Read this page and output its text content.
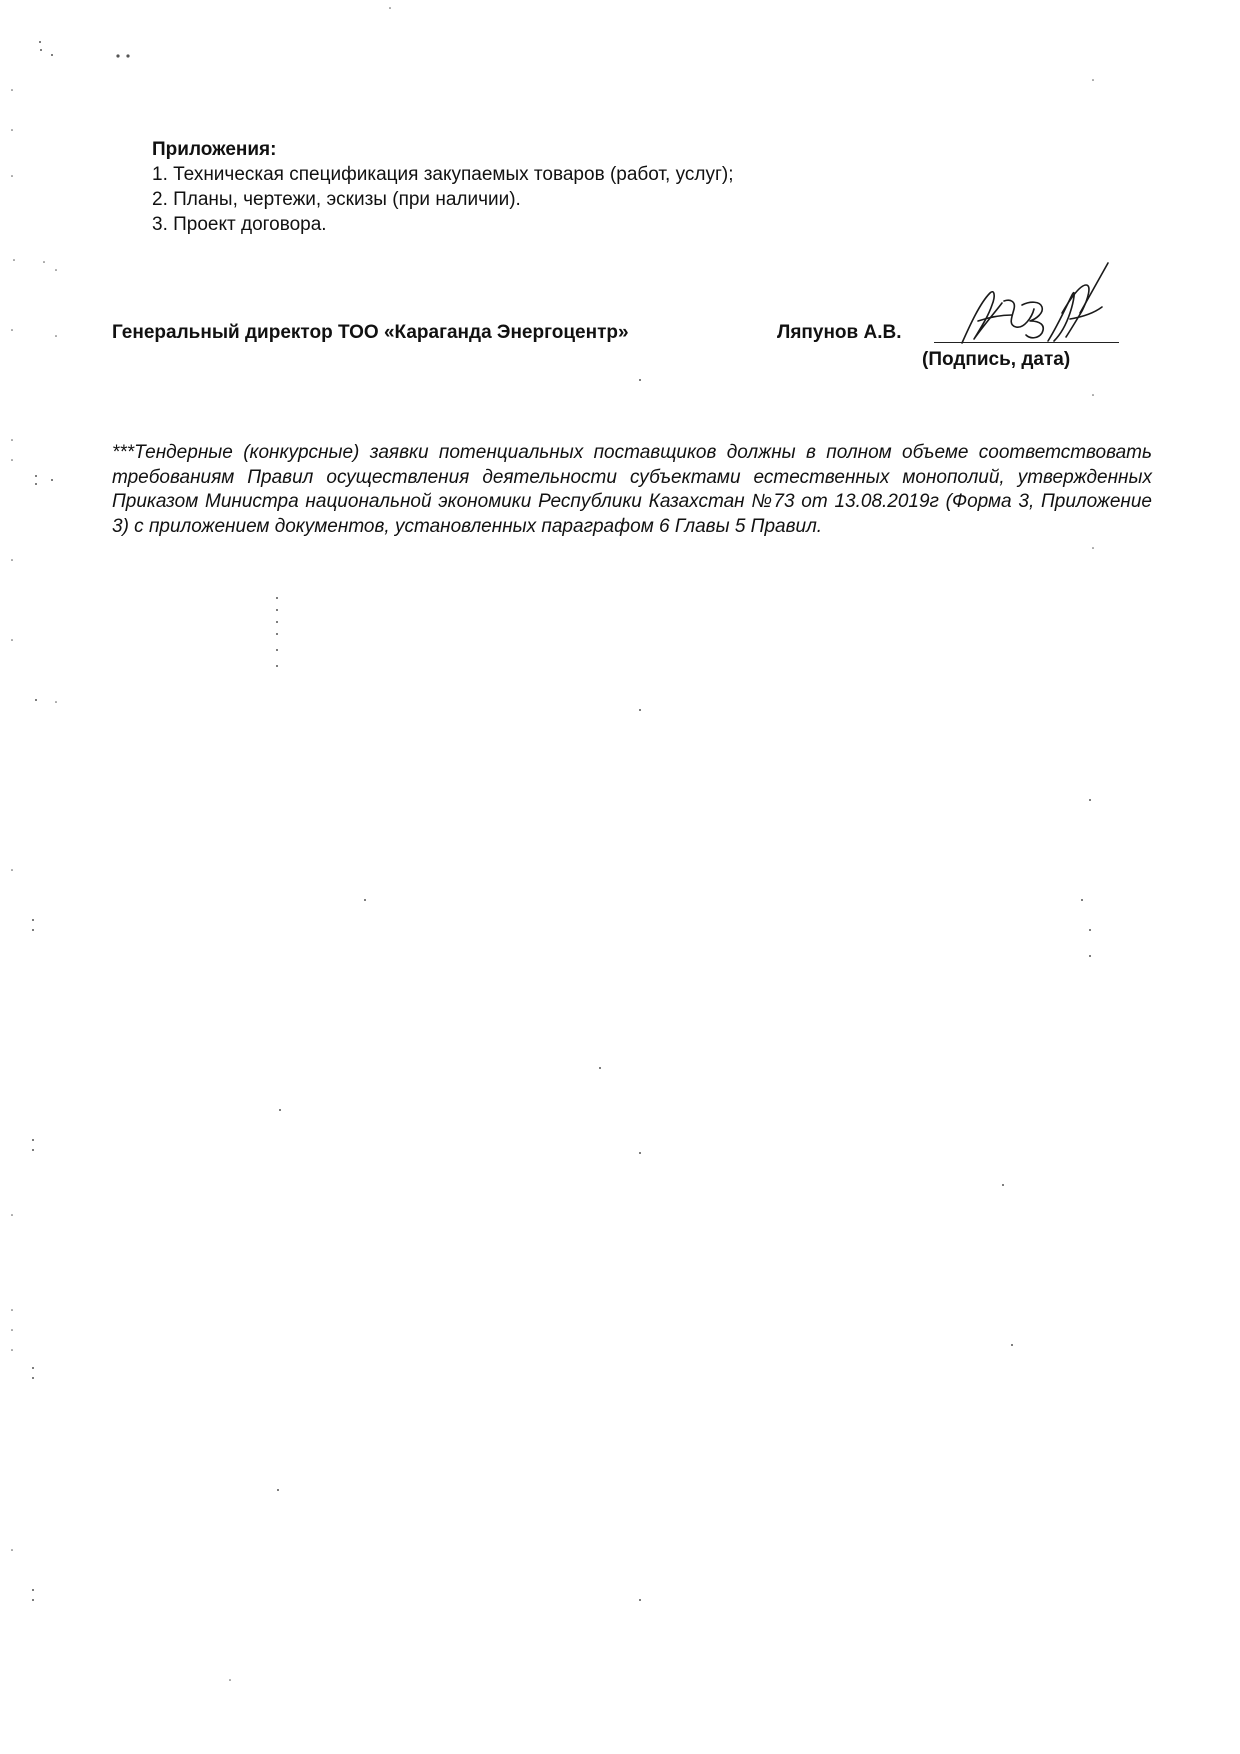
Приложения:
1. Техническая спецификация закупаемых товаров (работ, услуг);
2. Планы, чертежи, эскизы (при наличии).
3. Проект договора.
Генеральный директор ТОО «Караганда Энергоцентр»	Ляпунов А.В.
(Подпись, дата)

***Тендерные (конкурсные) заявки потенциальных поставщиков должны в полном объеме соответствовать требованиям Правил осуществления деятельности субъектами естественных монополий, утвержденных Приказом Министра национальной экономики Республики Казахстан №73 от 13.08.2019г (Форма 3, Приложение 3) с приложением документов, установленных параграфом 6 Главы 5 Правил.
